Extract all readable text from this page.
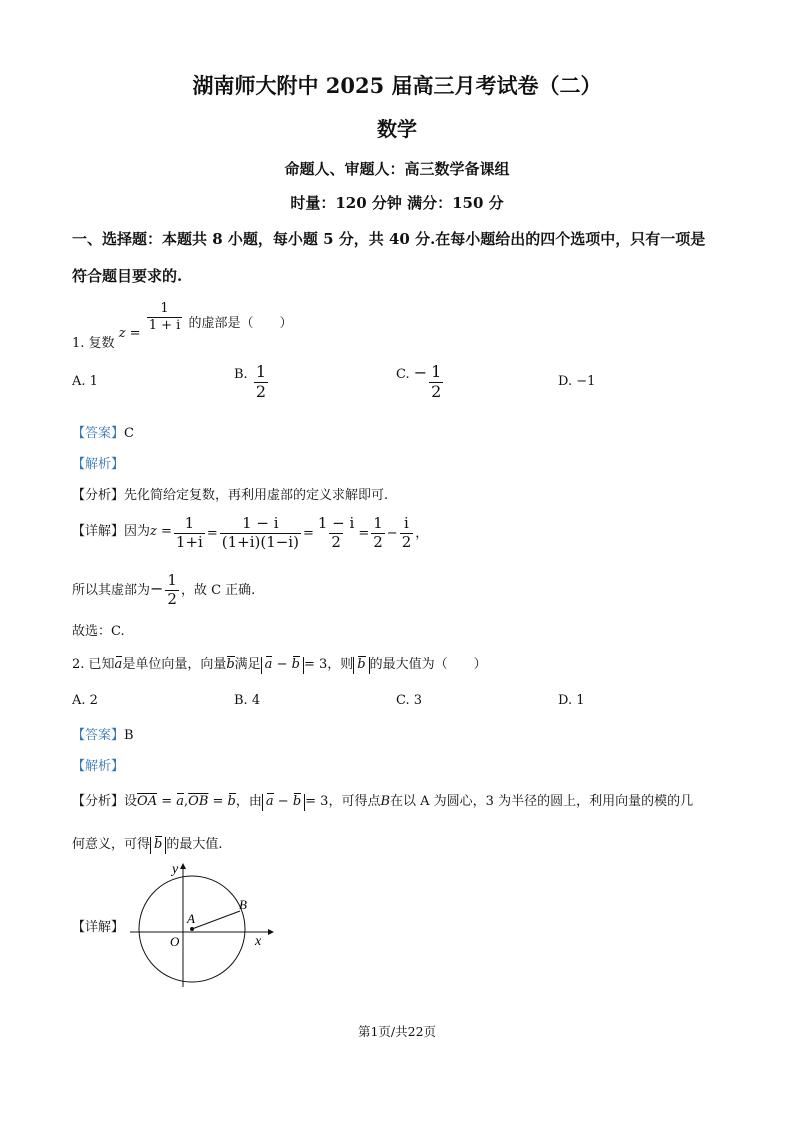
湖南师大附中 2025 届高三月考试卷（二）
数学
命题人、审题人：高三数学备课组
时量：120 分钟 满分：150 分
一、选择题：本题共 8 小题，每小题 5 分，共 40 分.在每小题给出的四个选项中，只有一项是
符合题目要求的.
1. 复数 z =
$\frac{1}{1 + i}$ 的虚部是（　　）
A. 1	B. $\frac{1}{2}$	C. − $\frac{1}{2}$	D. −1
【答案】C
【解析】
【分析】先化简给定复数，再利用虚部的定义求解即可.
【详解】因为$z = \frac{1}{1+i} = \frac{1 - i}{(1+i)(1-i)} = \frac{1 - i}{2} = \frac{1}{2} - \frac{i}{2}$ ，
所以其虚部为− $\frac{1}{2}$ ，故 C 正确.
故选：C.
2. 已知a是单位向量，向量b满足 a − b = 3，则 b 的最大值为（　　）
A. 2	B. 4	C. 3	D. 1
【答案】B
【解析】
【分析】设$\overline{OA} = a,\overline{OB} = b$，由 a − b = 3，可得点B在以 A 为圆心，3 为半径的圆上，利用向量的模的几
何意义，可得 b 的最大值.
【详解】
y
x
O
A
B
第1页/共22页
